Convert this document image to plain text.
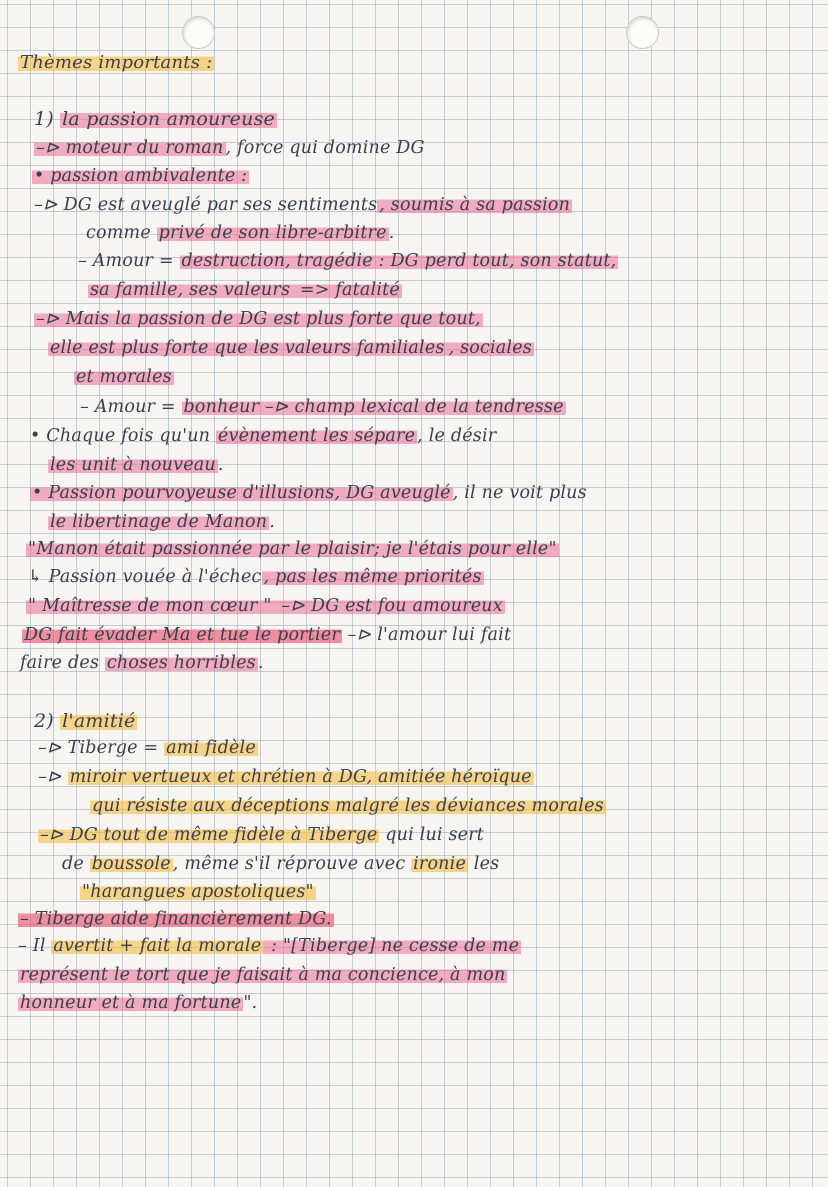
Thèmes importants :
1) la passion amoureuse
–⊳ moteur du roman , force qui domine DG
• passion ambivalente :
–⊳ DG est aveuglé par ses sentiments , soumis à sa passion
comme privé de son libre-arbitre .
– Amour = destruction, tragédie : DG perd tout, son statut,
sa famille, ses valeurs => fatalité
–⊳ Mais la passion de DG est plus forte que tout,
elle est plus forte que les valeurs familiales , sociales
et morales
– Amour = bonheur –⊳ champ lexical de la tendresse
• Chaque fois qu'un évènement les sépare , le désir
les unit à nouveau .
• Passion pourvoyeuse d'illusions, DG aveuglé , il ne voit plus
le libertinage de Manon .
"Manon était passionnée par le plaisir; je l'étais pour elle"
↳ Passion vouée à l'échec , pas les même priorités
" Maîtresse de mon cœur " –⊳ DG est fou amoureux
DG fait évader Ma et tue le portier –⊳ l'amour lui fait
faire des choses horribles .
2) l'amitié
–⊳ Tiberge = ami fidèle
–⊳ miroir vertueux et chrétien à DG, amitiée héroïque
qui résiste aux déceptions malgré les déviances morales
–⊳ DG tout de même fidèle à Tiberge qui lui sert
de boussole , même s'il réprouve avec ironie les
"harangues apostoliques"
– Tiberge aide financièrement DG.
– Il avertit + fait la morale : "[Tiberge] ne cesse de me
représent le tort que je faisait à ma concience, à mon
honneur et à ma fortune ".
